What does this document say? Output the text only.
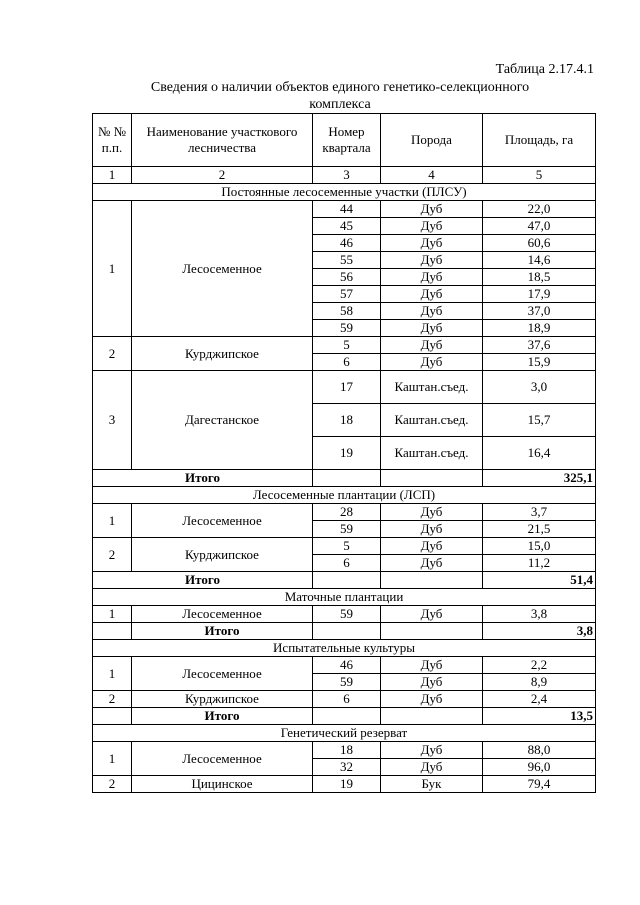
Таблица 2.17.4.1
Сведения о наличии объектов единого генетико-селекционного комплекса
№ № п.п.	Наименование участкового лесничества	Номер квартала	Порода	Площадь, га
1	2	3	4	5
Постоянные лесосеменные участки (ПЛСУ)				
1	Лесосеменное	44	Дуб	22,0
		45	Дуб	47,0
		46	Дуб	60,6
		55	Дуб	14,6
		56	Дуб	18,5
		57	Дуб	17,9
		58	Дуб	37,0
		59	Дуб	18,9
2	Курджипское	5	Дуб	37,6
		6	Дуб	15,9
3	Дагестанское	17	Каштан.съед.	3,0
		18	Каштан.съед.	15,7
		19	Каштан.съед.	16,4
Итого				325,1
Лесосеменные плантации (ЛСП)				
1	Лесосеменное	28	Дуб	3,7
		59	Дуб	21,5
2	Курджипское	5	Дуб	15,0
		6	Дуб	11,2
Итого				51,4
Маточные плантации				
1	Лесосеменное	59	Дуб	3,8
	Итого			3,8
Испытательные культуры				
1	Лесосеменное	46	Дуб	2,2
		59	Дуб	8,9
2	Курджипское	6	Дуб	2,4
	Итого			13,5
Генетический резерват				
1	Лесосеменное	18	Дуб	88,0
		32	Дуб	96,0
2	Цицинское	19	Бук	79,4
